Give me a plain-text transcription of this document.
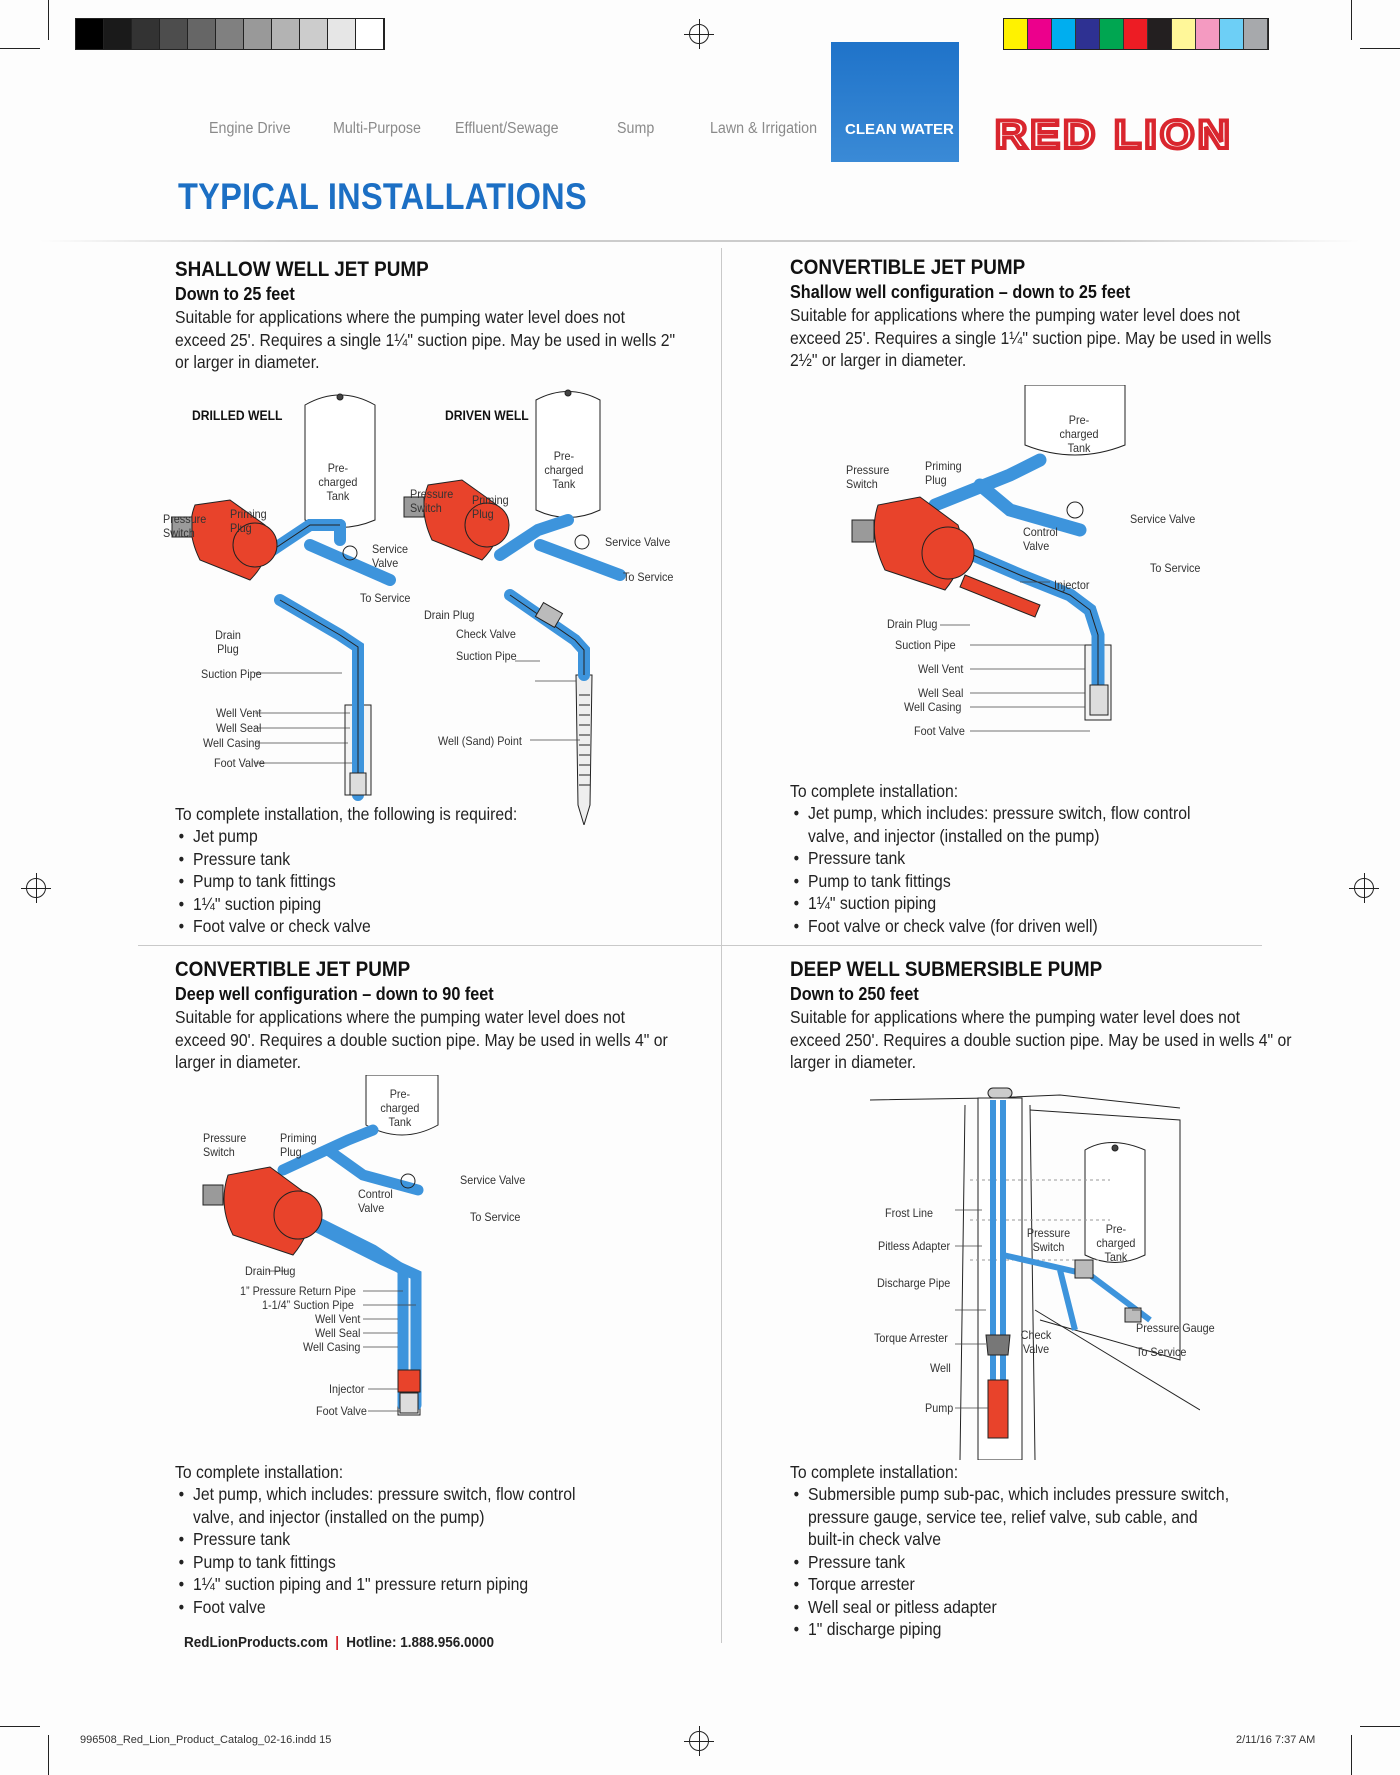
Engine Drive	Multi-Purpose Effluent/Sewage	Sump	Lawn & Irrigation CLEAN WATER RED LION
TYPICAL INSTALLATIONS
SHALLOW WELL JET PUMP
Down to 25 feet
Suitable for applications where the pumping water level does not exceed 25'. Requires a single 1¼" suction pipe. May be used in wells 2" or larger in diameter.
DRILLED WELL	DRIVEN WELL
Pre-charged Tank
Pre-charged Tank
Pressure Switch
Priming Plug
Service Valve
To Service
Drain Plug
Suction Pipe
Well Vent
Well Seal
Well Casing
Foot Valve
Pressure Switch
Priming Plug
Service Valve
To Service
Drain Plug
Check Valve
Suction Pipe
Well (Sand) Point
To complete installation, the following is required:
• Jet pump
• Pressure tank
• Pump to tank fittings
• 1¼" suction piping
• Foot valve or check valve
CONVERTIBLE JET PUMP
Shallow well configuration – down to 25 feet
Suitable for applications where the pumping water level does not exceed 25'. Requires a single 1¼" suction pipe. May be used in wells 2½" or larger in diameter.
Pre-charged Tank
Pressure Switch
Priming Plug
Service Valve
Control Valve
To Service
Injector
Drain Plug
Suction Pipe
Well Vent
Well Seal
Well Casing
Foot Valve
To complete installation:
• Jet pump, which includes: pressure switch, flow control valve, and injector (installed on the pump)
• Pressure tank
• Pump to tank fittings
• 1¼" suction piping
• Foot valve or check valve (for driven well)
CONVERTIBLE JET PUMP
Deep well configuration – down to 90 feet
Suitable for applications where the pumping water level does not exceed 90'. Requires a double suction pipe. May be used in wells 4" or larger in diameter.
Pre-charged Tank
Pressure Switch
Priming Plug
Service Valve
Control Valve
To Service
Drain Plug
1” Pressure Return Pipe
1-1/4” Suction Pipe
Well Vent
Well Seal
Well Casing
Injector
Foot Valve
To complete installation:
• Jet pump, which includes: pressure switch, flow control valve, and injector (installed on the pump)
• Pressure tank
• Pump to tank fittings
• 1¼" suction piping and 1" pressure return piping
• Foot valve
DEEP WELL SUBMERSIBLE PUMP
Down to 250 feet
Suitable for applications where the pumping water level does not exceed 250'. Requires a double suction pipe. May be used in wells 4" or larger in diameter.
Frost Line
Pitless Adapter
Discharge Pipe
Torque Arrester
Well
Pump
Pressure Switch
Pre-charged Tank
Check Valve
Pressure Gauge
To Service
To complete installation:
• Submersible pump sub-pac, which includes pressure switch, pressure gauge, service tee, relief valve, sub cable, and built-in check valve
• Pressure tank
• Torque arrester
• Well seal or pitless adapter
• 1" discharge piping
RedLionProducts.com | Hotline: 1.888.956.0000
996508_Red_Lion_Product_Catalog_02-16.indd 15	2/11/16 7:37 AM
